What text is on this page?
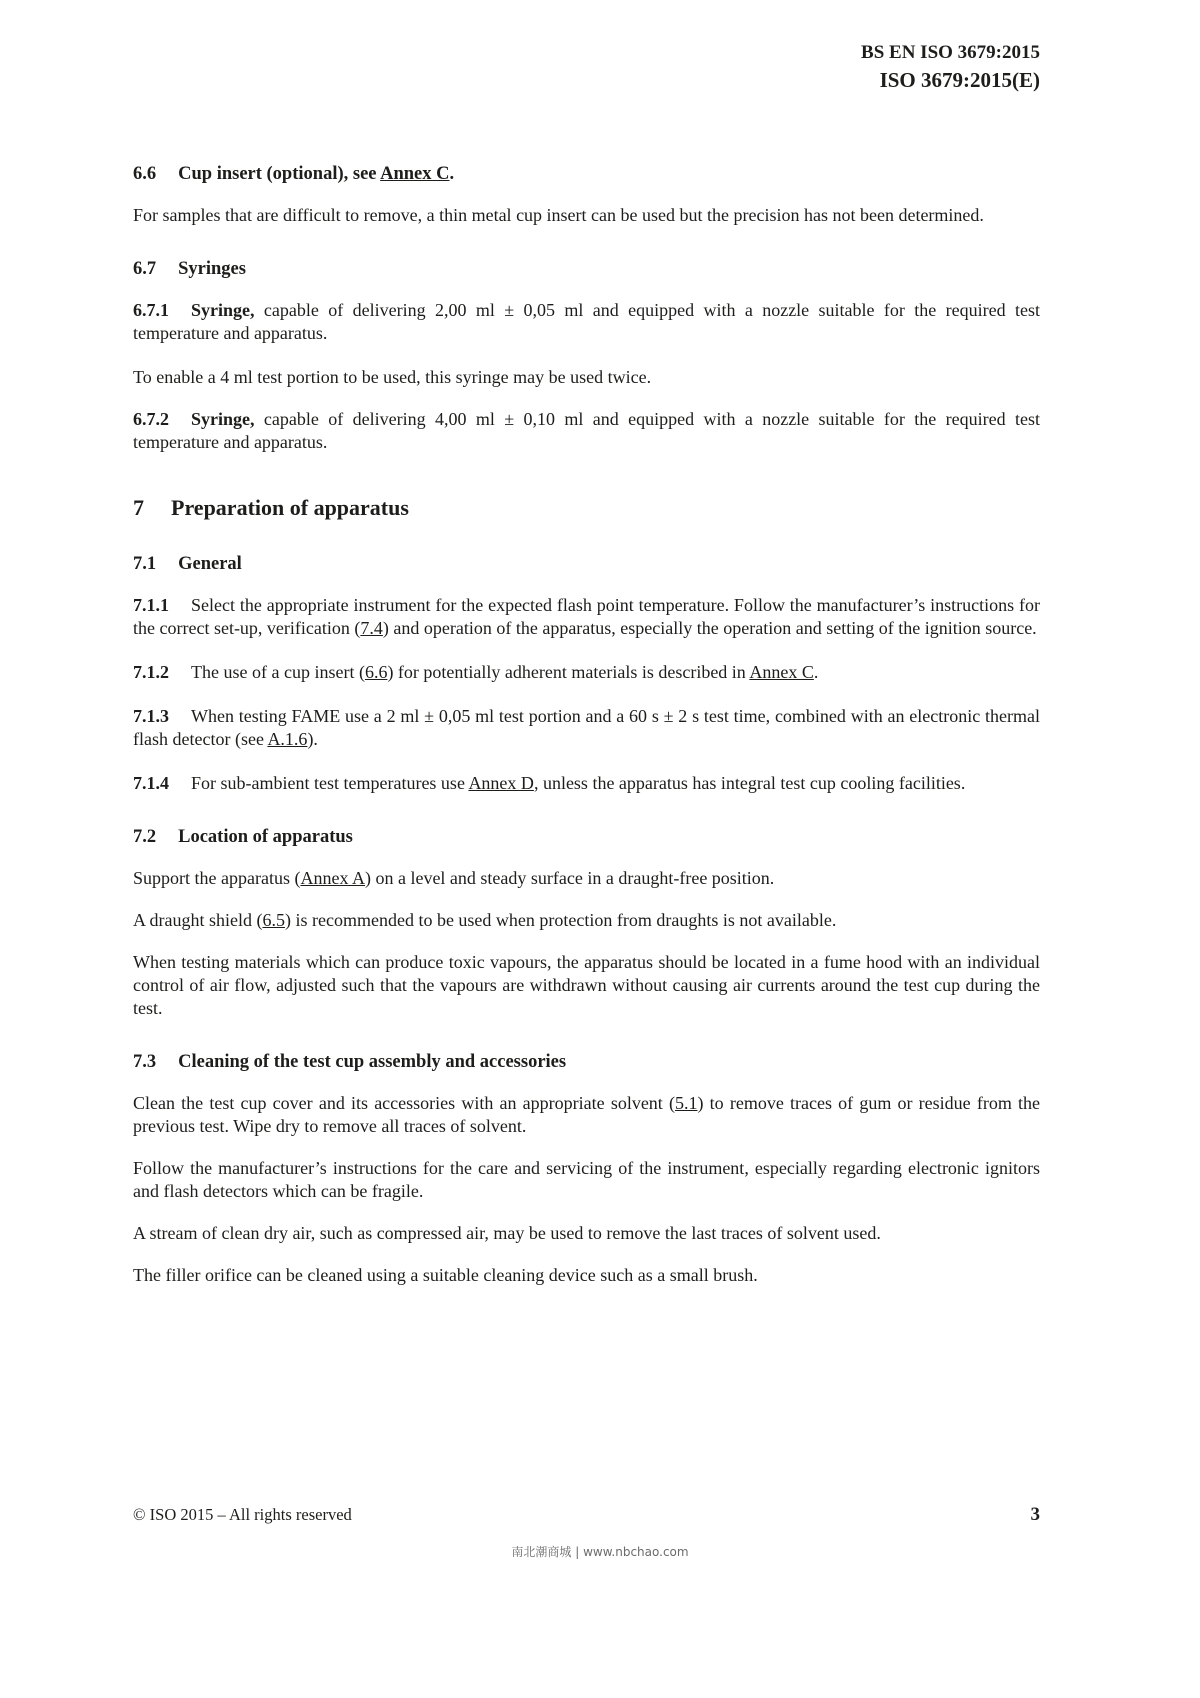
BS EN ISO 3679:2015
ISO 3679:2015(E)
6.6 Cup insert (optional), see Annex C.

For samples that are difficult to remove, a thin metal cup insert can be used but the precision has not been determined.

6.7 Syringes

6.7.1 Syringe, capable of delivering 2,00 ml ± 0,05 ml and equipped with a nozzle suitable for the required test temperature and apparatus.

To enable a 4 ml test portion to be used, this syringe may be used twice.

6.7.2 Syringe, capable of delivering 4,00 ml ± 0,10 ml and equipped with a nozzle suitable for the required test temperature and apparatus.

7 Preparation of apparatus
7.1 General

7.1.1 Select the appropriate instrument for the expected flash point temperature. Follow the manufacturer’s instructions for the correct set-up, verification (7.4) and operation of the apparatus, especially the operation and setting of the ignition source.

7.1.2 The use of a cup insert (6.6) for potentially adherent materials is described in Annex C.

7.1.3 When testing FAME use a 2 ml ± 0,05 ml test portion and a 60 s ± 2 s test time, combined with an electronic thermal flash detector (see A.1.6).

7.1.4 For sub-ambient test temperatures use Annex D, unless the apparatus has integral test cup cooling facilities.

7.2 Location of apparatus

Support the apparatus (Annex A) on a level and steady surface in a draught-free position.

A draught shield (6.5) is recommended to be used when protection from draughts is not available.

When testing materials which can produce toxic vapours, the apparatus should be located in a fume hood with an individual control of air flow, adjusted such that the vapours are withdrawn without causing air currents around the test cup during the test.

7.3 Cleaning of the test cup assembly and accessories

Clean the test cup cover and its accessories with an appropriate solvent (5.1) to remove traces of gum or residue from the previous test. Wipe dry to remove all traces of solvent.

Follow the manufacturer’s instructions for the care and servicing of the instrument, especially regarding electronic ignitors and flash detectors which can be fragile.

A stream of clean dry air, such as compressed air, may be used to remove the last traces of solvent used.

The filler orifice can be cleaned using a suitable cleaning device such as a small brush.

© ISO 2015 – All rights reserved	3
南北潮商城 | www.nbchao.com
